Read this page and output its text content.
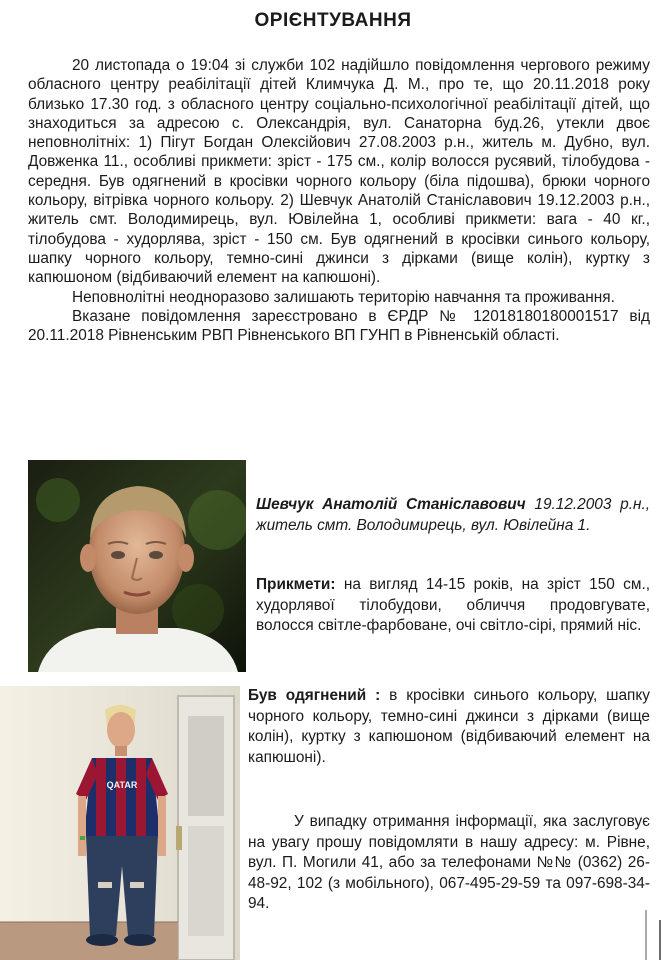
ОРІЄНТУВАННЯ

20 листопада о 19:04 зі служби 102 надійшло повідомлення чергового режиму обласного центру реабілітації дітей Климчука Д. М., про те, що 20.11.2018 року близько 17.30 год. з обласного центру соціально-психологічної реабілітації дітей, що знаходиться за адресою с. Олександрія, вул. Санаторна буд.26, утекли двоє неповнолітніх: 1) Пігут Богдан Олексійович 27.08.2003 р.н., житель м. Дубно, вул. Довженка 11., особливі прикмети: зріст - 175 см., колір волосся русявий, тілобудова - середня. Був одягнений в кросівки чорного кольору (біла підошва), брюки чорного кольору, вітрівка чорного кольору. 2) Шевчук Анатолій Станіславович 19.12.2003 р.н., житель смт. Володимирець, вул. Ювілейна 1, особливі прикмети: вага - 40 кг., тілобудова - худорлява, зріст - 150 см. Був одягнений в кросівки синього кольору, шапку чорного кольору, темно-сині джинси з дірками (вище колін), куртку з капюшоном (відбиваючий елемент на капюшоні).

Неповнолітні неодноразово залишають територію навчання та проживання.

Вказане повідомлення зареєстровано в ЄРДР № 12018180180001517 від 20.11.2018 Рівненським РВП Рівненського ВП ГУНП в Рівненській області.

QATAR

Шевчук Анатолій Станіславович 19.12.2003 р.н., житель смт. Володимирець, вул. Ювілейна 1.

Прикмети: на вигляд 14-15 років, на зріст 150 см., худорлявої тілобудови, обличчя продовгувате, волосся світле-фарбоване, очі світло-сірі, прямий ніс.

Був одягнений : в кросівки синього кольору, шапку чорного кольору, темно-сині джинси з дірками (вище колін), куртку з капюшоном (відбиваючий елемент на капюшоні).

У випадку отримання інформації, яка заслуговує на увагу прошу повідомляти в нашу адресу: м. Рівне, вул. П. Могили 41, або за телефонами №№ (0362) 26-48-92, 102 (з мобільного), 067-495-29-59 та 097-698-34-94.
